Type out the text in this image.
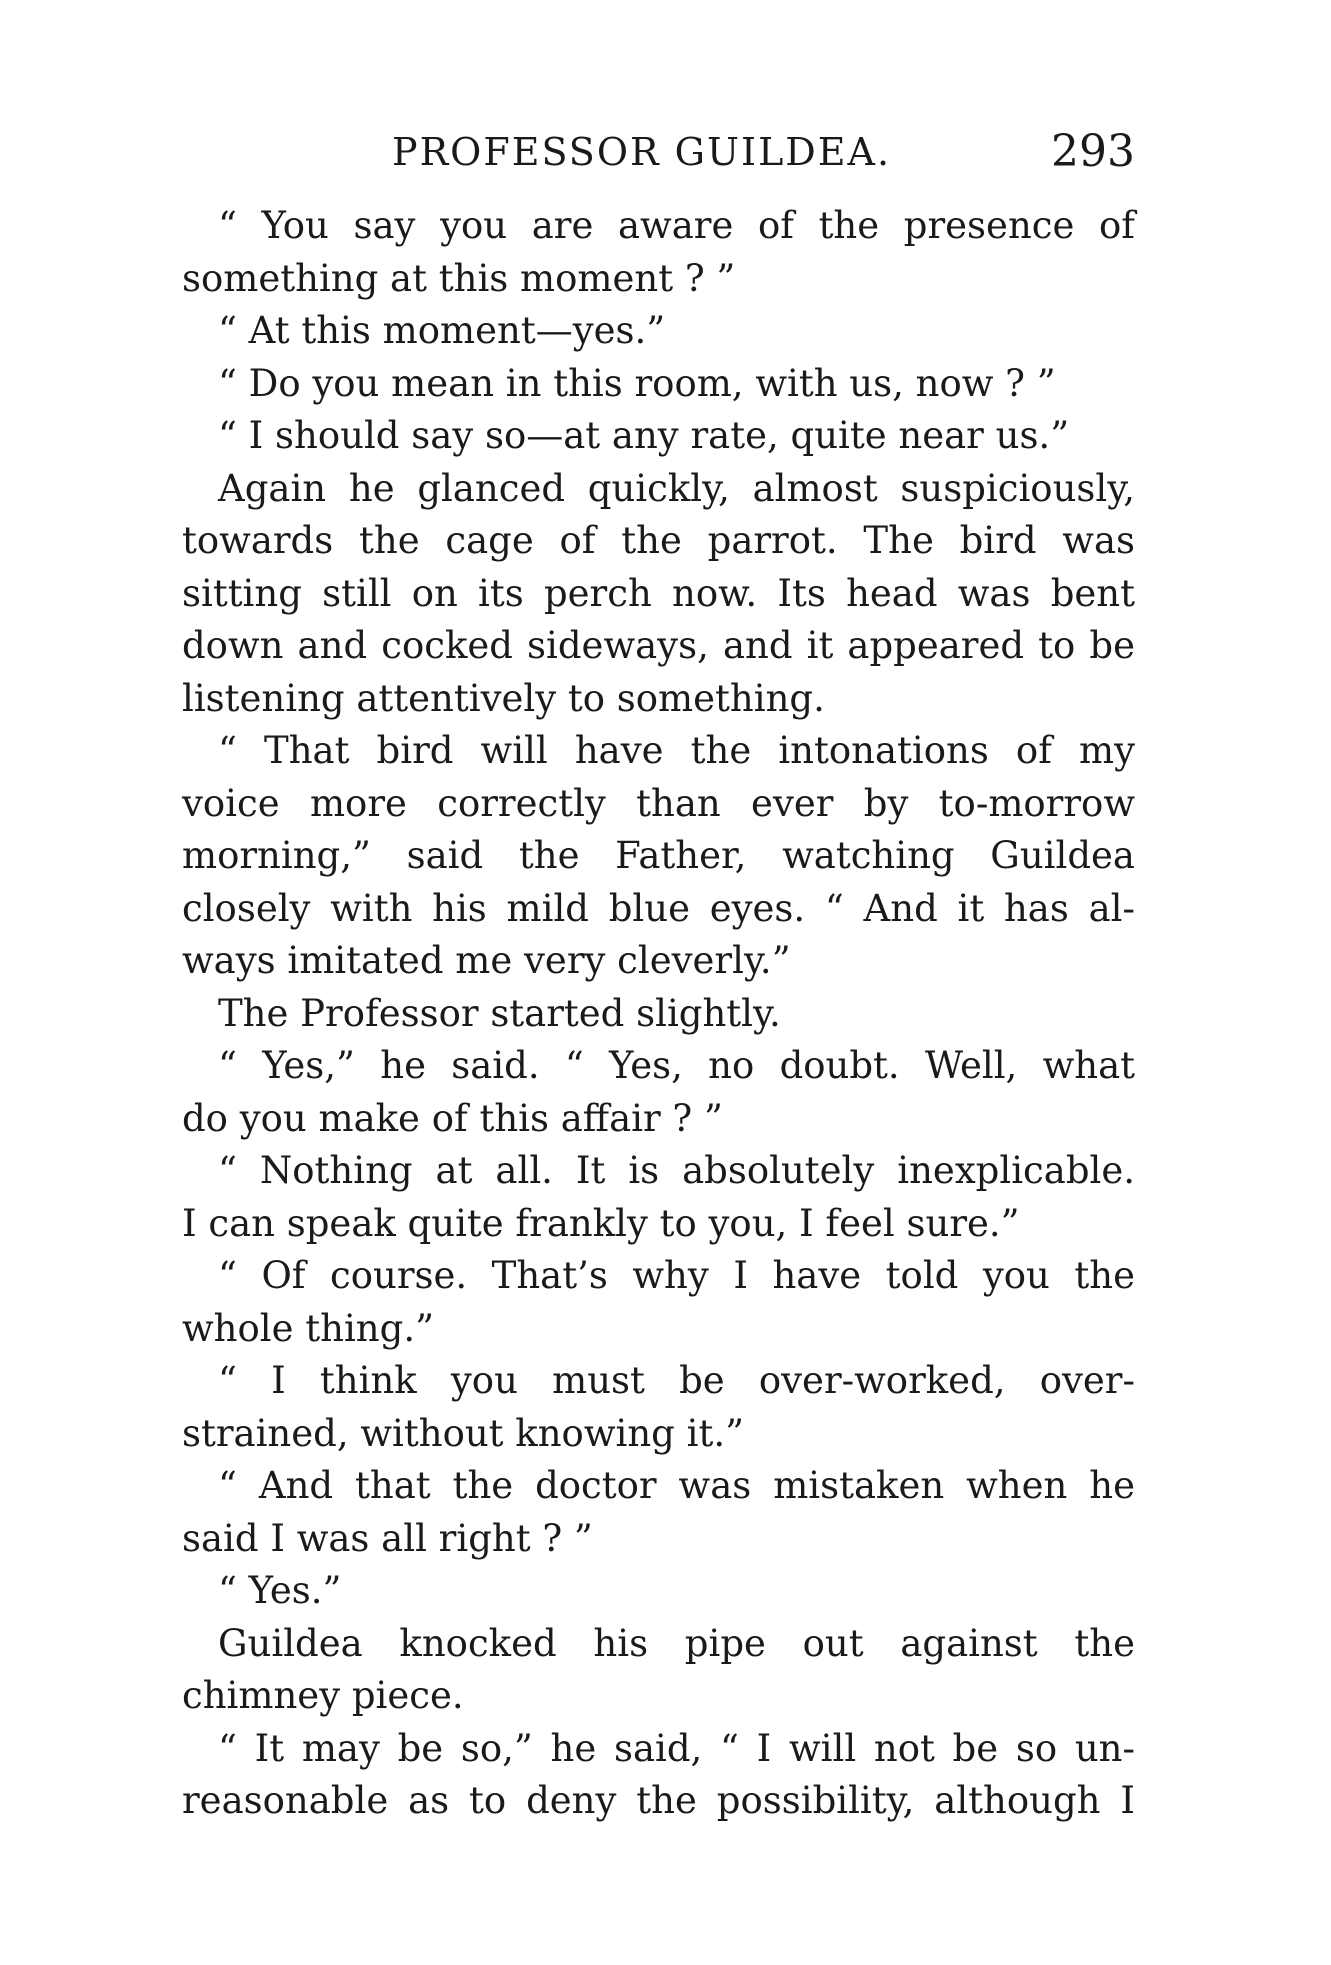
PROFESSOR GUILDEA.	293
“ You say you are aware of the presence of
something at this moment ? ”
“ At this moment—yes.”
“ Do you mean in this room, with us, now ? ”
“ I should say so—at any rate, quite near us.”
Again he glanced quickly, almost suspiciously,
towards the cage of the parrot. The bird was
sitting still on its perch now. Its head was bent
down and cocked sideways, and it appeared to be
listening attentively to something.
“ That bird will have the intonations of my
voice more correctly than ever by to-morrow
morning,” said the Father, watching Guildea
closely with his mild blue eyes. “ And it has al-
ways imitated me very cleverly.”
The Professor started slightly.
“ Yes,” he said. “ Yes, no doubt. Well, what
do you make of this affair ? ”
“ Nothing at all. It is absolutely inexplicable.
I can speak quite frankly to you, I feel sure.”
“ Of course. That’s why I have told you the
whole thing.”
“ I think you must be over-worked, over-
strained, without knowing it.”
“ And that the doctor was mistaken when he
said I was all right ? ”
“ Yes.”
Guildea knocked his pipe out against the
chimney piece.
“ It may be so,” he said, “ I will not be so un-
reasonable as to deny the possibility, although I
